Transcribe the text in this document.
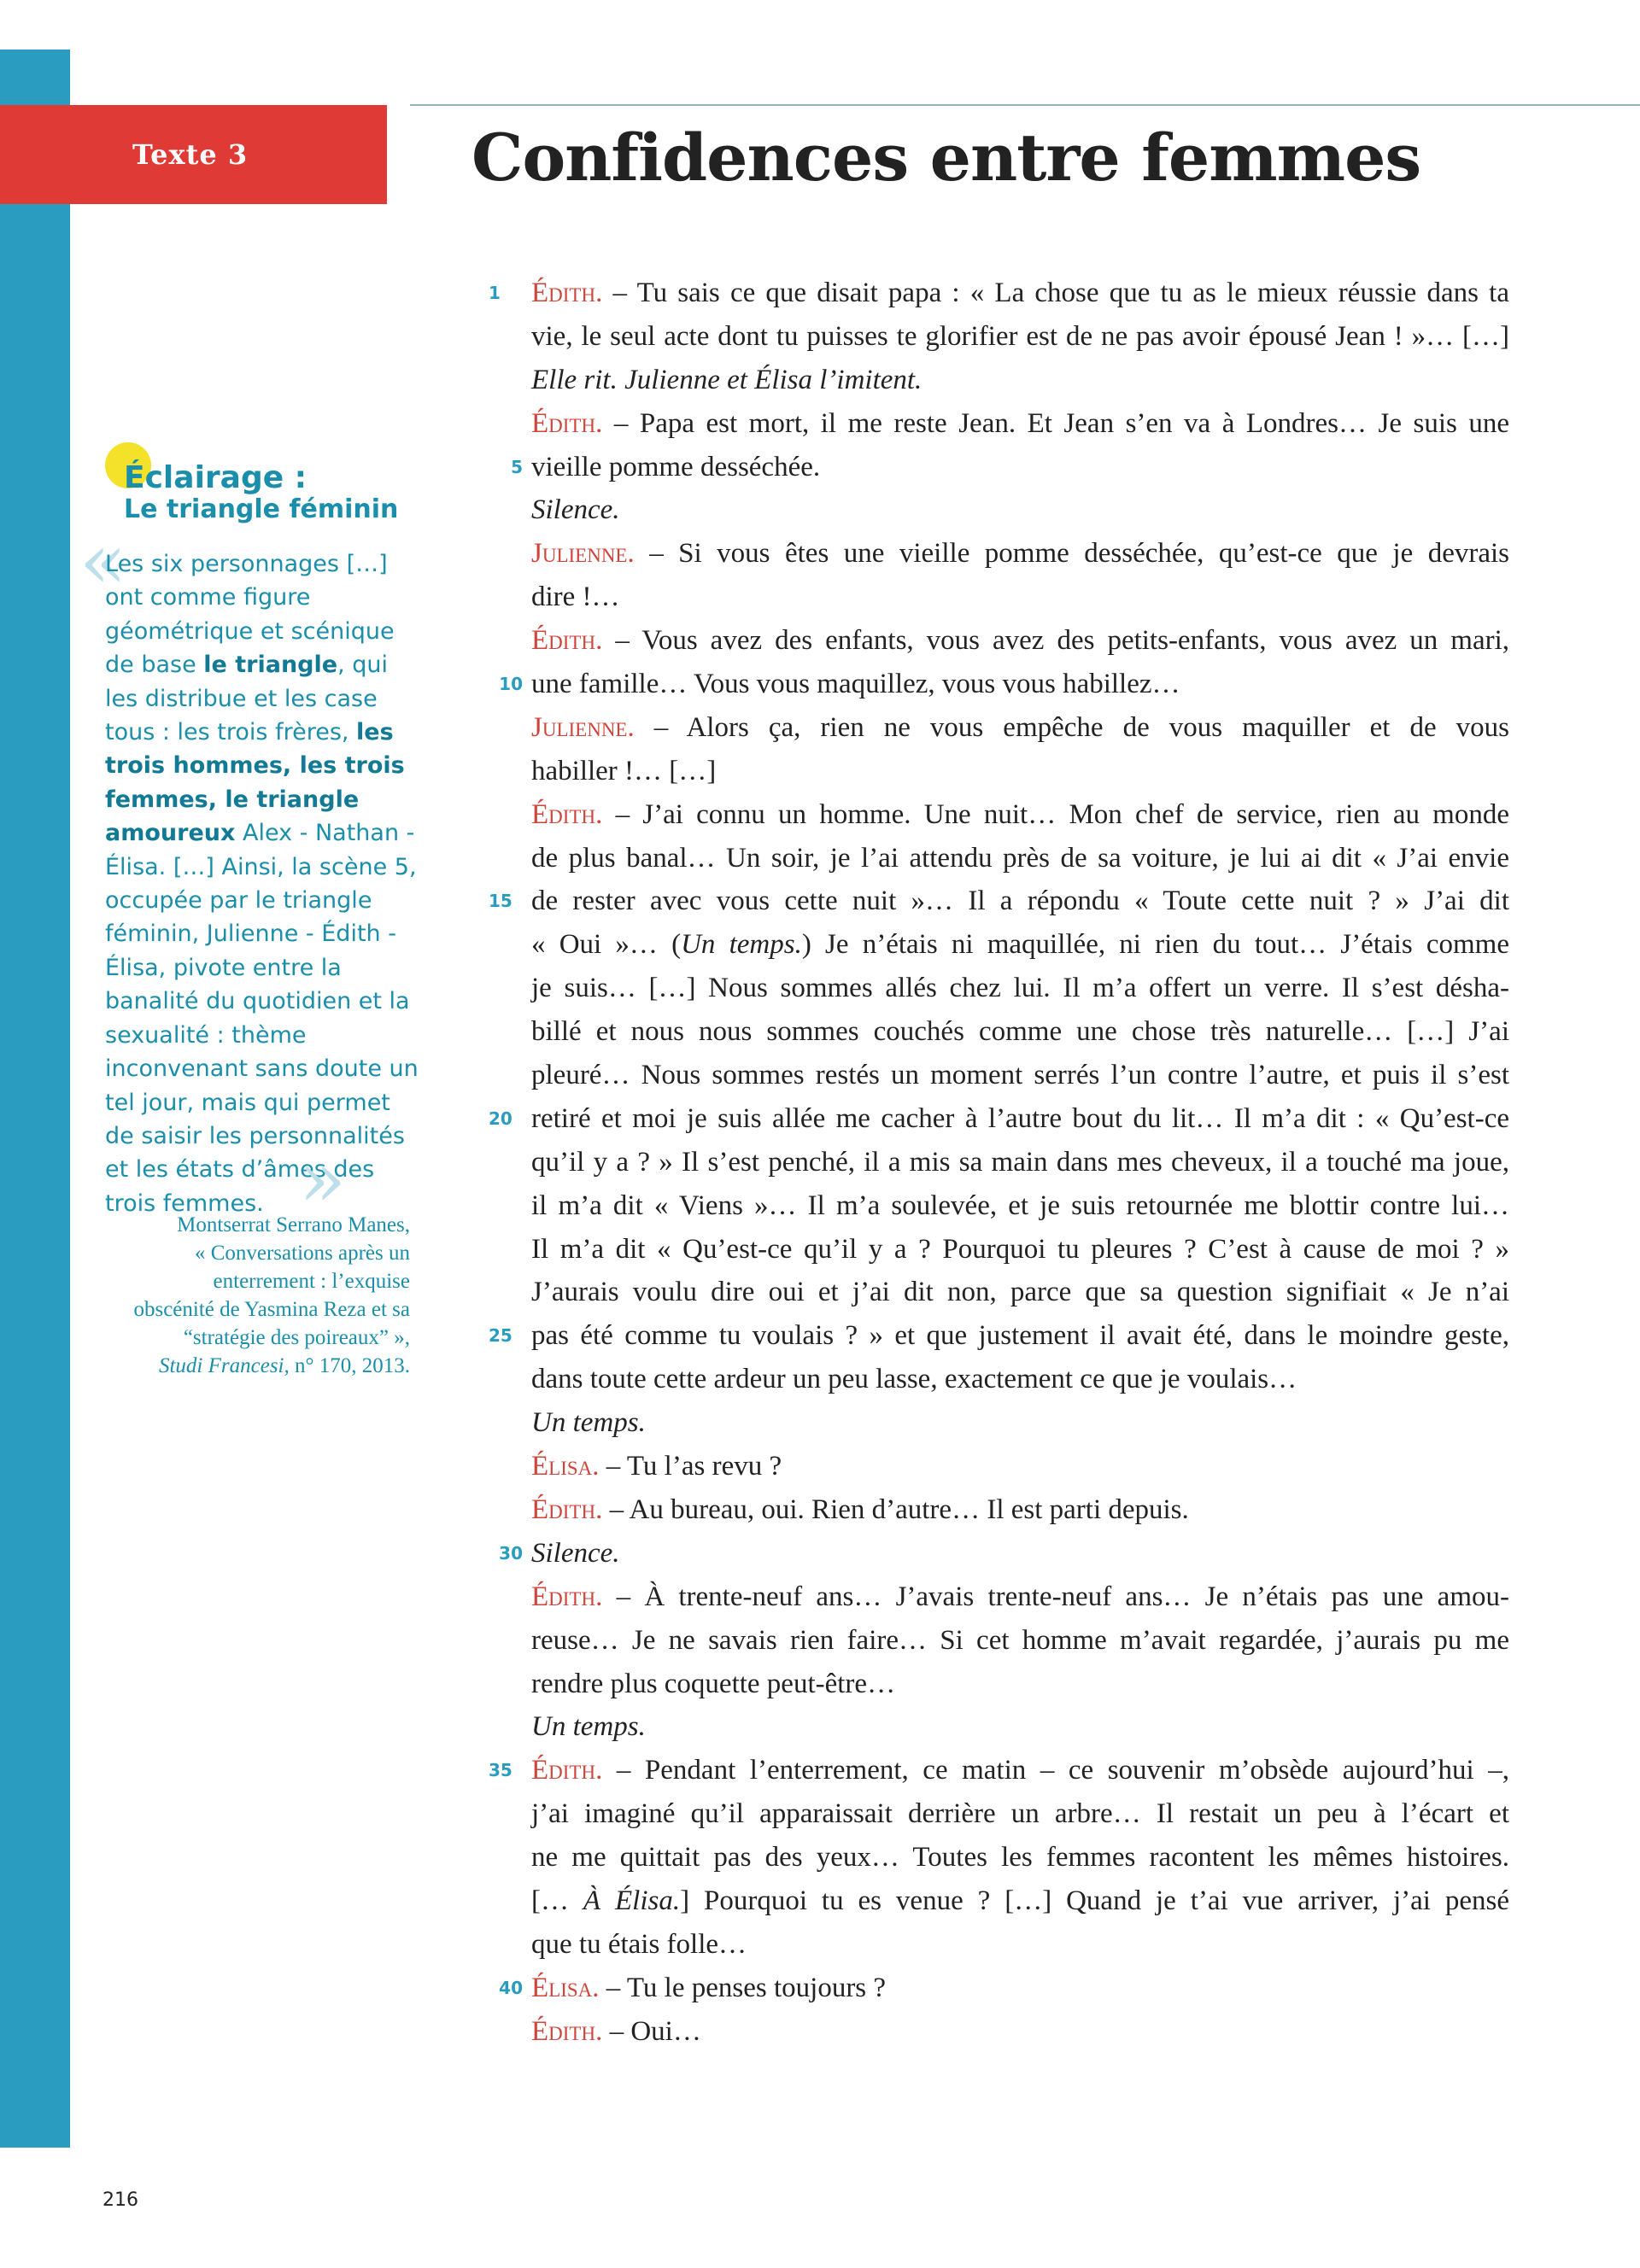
Texte 3	Confidences entre femmes
Éclairage :
Le triangle féminin
«
Les six personnages […] ont comme figure géométrique et scénique de base le triangle, qui les distribue et les case tous : les trois frères, les trois hommes, les trois femmes, le triangle amoureux Alex - Nathan - Élisa. […] Ainsi, la scène 5, occupée par le triangle féminin, Julienne - Édith - Élisa, pivote entre la banalité du quotidien et la sexualité : thème inconvenant sans doute un tel jour, mais qui permet de saisir les personnalités et les états d’âmes des trois femmes. »
Montserrat Serrano Manes,
« Conversations après un
enterrement : l’exquise
obscénité de Yasmina Reza et sa
“stratégie des poireaux” »,
Studi Francesi, n° 170, 2013.
1	Édith. – Tu sais ce que disait papa : « La chose que tu as le mieux réussie dans ta
vie, le seul acte dont tu puisses te glorifier est de ne pas avoir épousé Jean ! »… […]
Elle rit. Julienne et Élisa l’imitent.
Édith. – Papa est mort, il me reste Jean. Et Jean s’en va à Londres… Je suis une
5 vieille pomme desséchée.
Silence.
Julienne. – Si vous êtes une vieille pomme desséchée, qu’est-ce que je devrais
dire !…
Édith. – Vous avez des enfants, vous avez des petits-enfants, vous avez un mari,
10 une famille… Vous vous maquillez, vous vous habillez…
Julienne. – Alors ça, rien ne vous empêche de vous maquiller et de vous
habiller !… […]
Édith. – J’ai connu un homme. Une nuit… Mon chef de service, rien au monde
de plus banal… Un soir, je l’ai attendu près de sa voiture, je lui ai dit « J’ai envie
15 de rester avec vous cette nuit »… Il a répondu « Toute cette nuit ? » J’ai dit
« Oui »… (Un temps.) Je n’étais ni maquillée, ni rien du tout… J’étais comme
je suis… […] Nous sommes allés chez lui. Il m’a offert un verre. Il s’est désha-
billé et nous nous sommes couchés comme une chose très naturelle… […] J’ai
pleuré… Nous sommes restés un moment serrés l’un contre l’autre, et puis il s’est
20 retiré et moi je suis allée me cacher à l’autre bout du lit… Il m’a dit : « Qu’est-ce
qu’il y a ? » Il s’est penché, il a mis sa main dans mes cheveux, il a touché ma joue,
il m’a dit « Viens »… Il m’a soulevée, et je suis retournée me blottir contre lui…
Il m’a dit « Qu’est-ce qu’il y a ? Pourquoi tu pleures ? C’est à cause de moi ? »
J’aurais voulu dire oui et j’ai dit non, parce que sa question signifiait « Je n’ai
25 pas été comme tu voulais ? » et que justement il avait été, dans le moindre geste,
dans toute cette ardeur un peu lasse, exactement ce que je voulais…
Un temps.
Élisa. – Tu l’as revu ?
Édith. – Au bureau, oui. Rien d’autre… Il est parti depuis.
30 Silence.
Édith. – À trente-neuf ans… J’avais trente-neuf ans… Je n’étais pas une amou-
reuse… Je ne savais rien faire… Si cet homme m’avait regardée, j’aurais pu me
rendre plus coquette peut-être…
Un temps.
35 Édith. – Pendant l’enterrement, ce matin – ce souvenir m’obsède aujourd’hui –,
j’ai imaginé qu’il apparaissait derrière un arbre… Il restait un peu à l’écart et
ne me quittait pas des yeux… Toutes les femmes racontent les mêmes histoires.
[… À Élisa.] Pourquoi tu es venue ? […] Quand je t’ai vue arriver, j’ai pensé
que tu étais folle…
40 Élisa. – Tu le penses toujours ?
Édith. – Oui…
216
